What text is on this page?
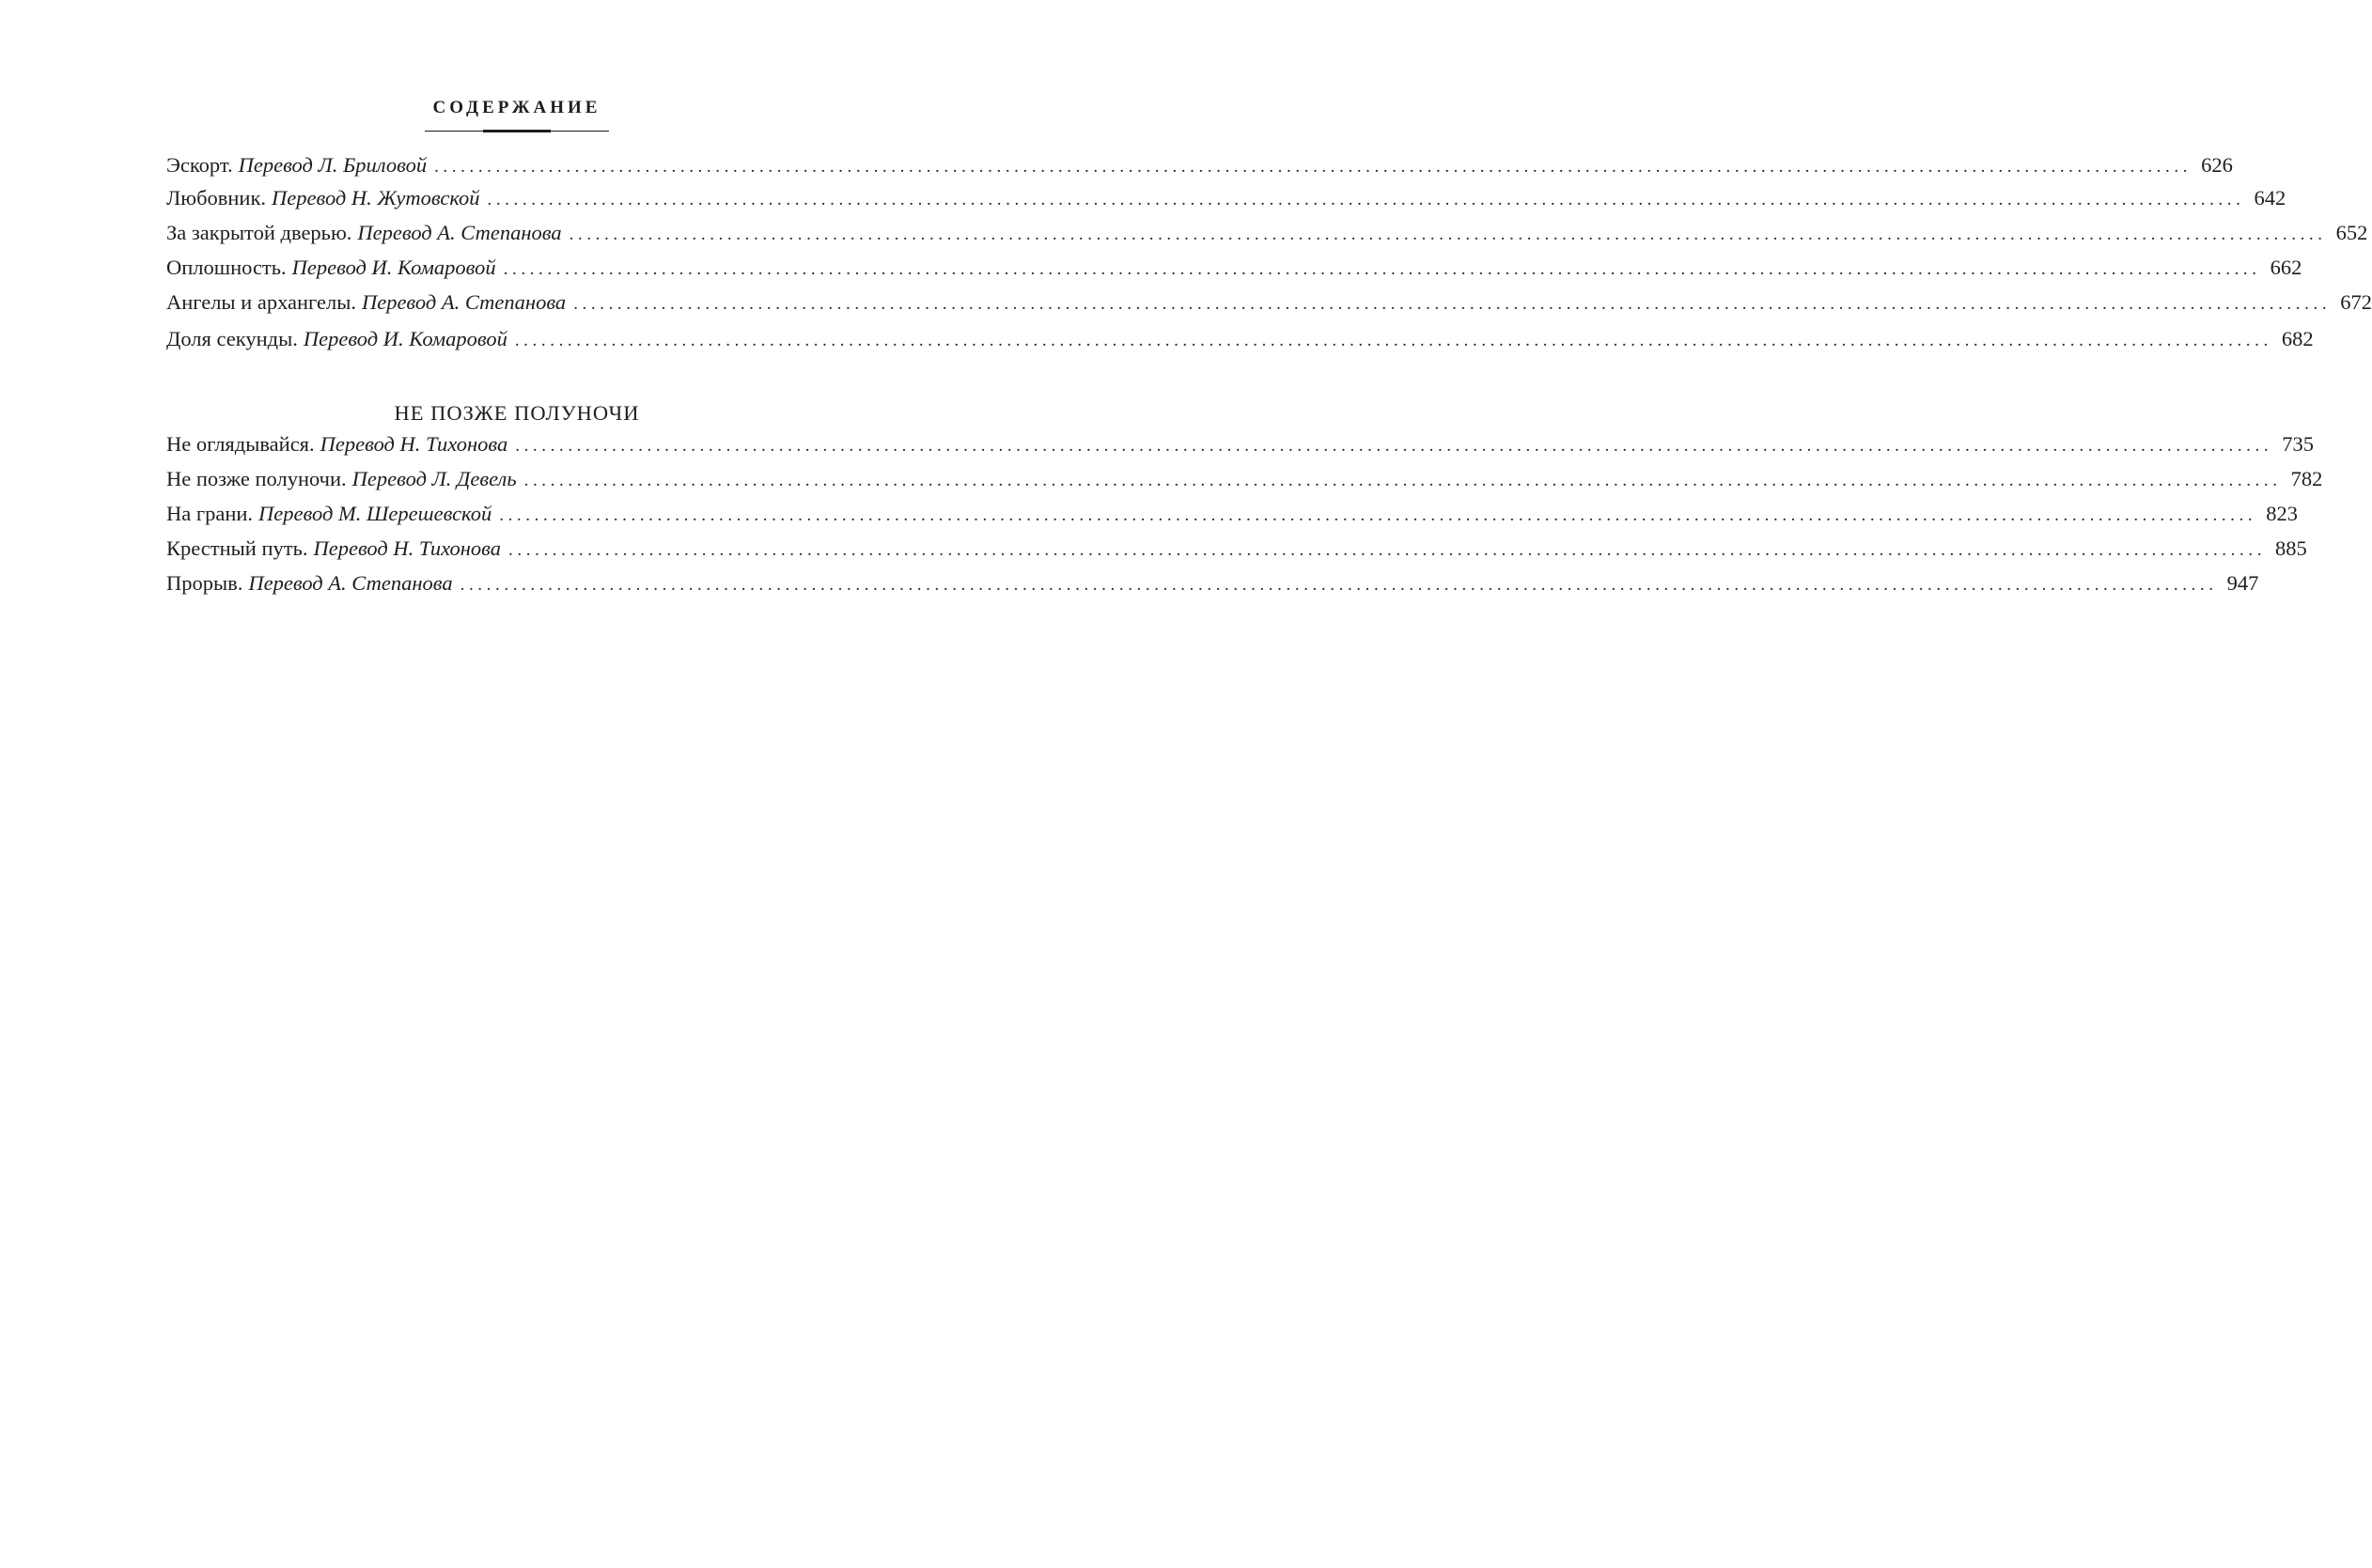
СОДЕРЖАНИЕ
Эскорт. Перевод Л. Бриловой ........................................................................................................................................................................................................ 626
Любовник. Перевод Н. Жутовской ........................................................................................................................................................................................................ 642
За закрытой дверью. Перевод А. Степанова ........................................................................................................................................................................................................ 652
Оплошность. Перевод И. Комаровой ........................................................................................................................................................................................................ 662
Ангелы и архангелы. Перевод А. Степанова ........................................................................................................................................................................................................ 672
Доля секунды. Перевод И. Комаровой ........................................................................................................................................................................................................ 682
Не оглядывайся. Перевод Н. Тихонова ........................................................................................................................................................................................................ 735
Не позже полуночи. Перевод Л. Девель ........................................................................................................................................................................................................ 782
На грани. Перевод М. Шерешевской ........................................................................................................................................................................................................ 823
Крестный путь. Перевод Н. Тихонова ........................................................................................................................................................................................................ 885
Прорыв. Перевод А. Степанова ........................................................................................................................................................................................................ 947
НЕ ПОЗЖЕ ПОЛУНОЧИ
